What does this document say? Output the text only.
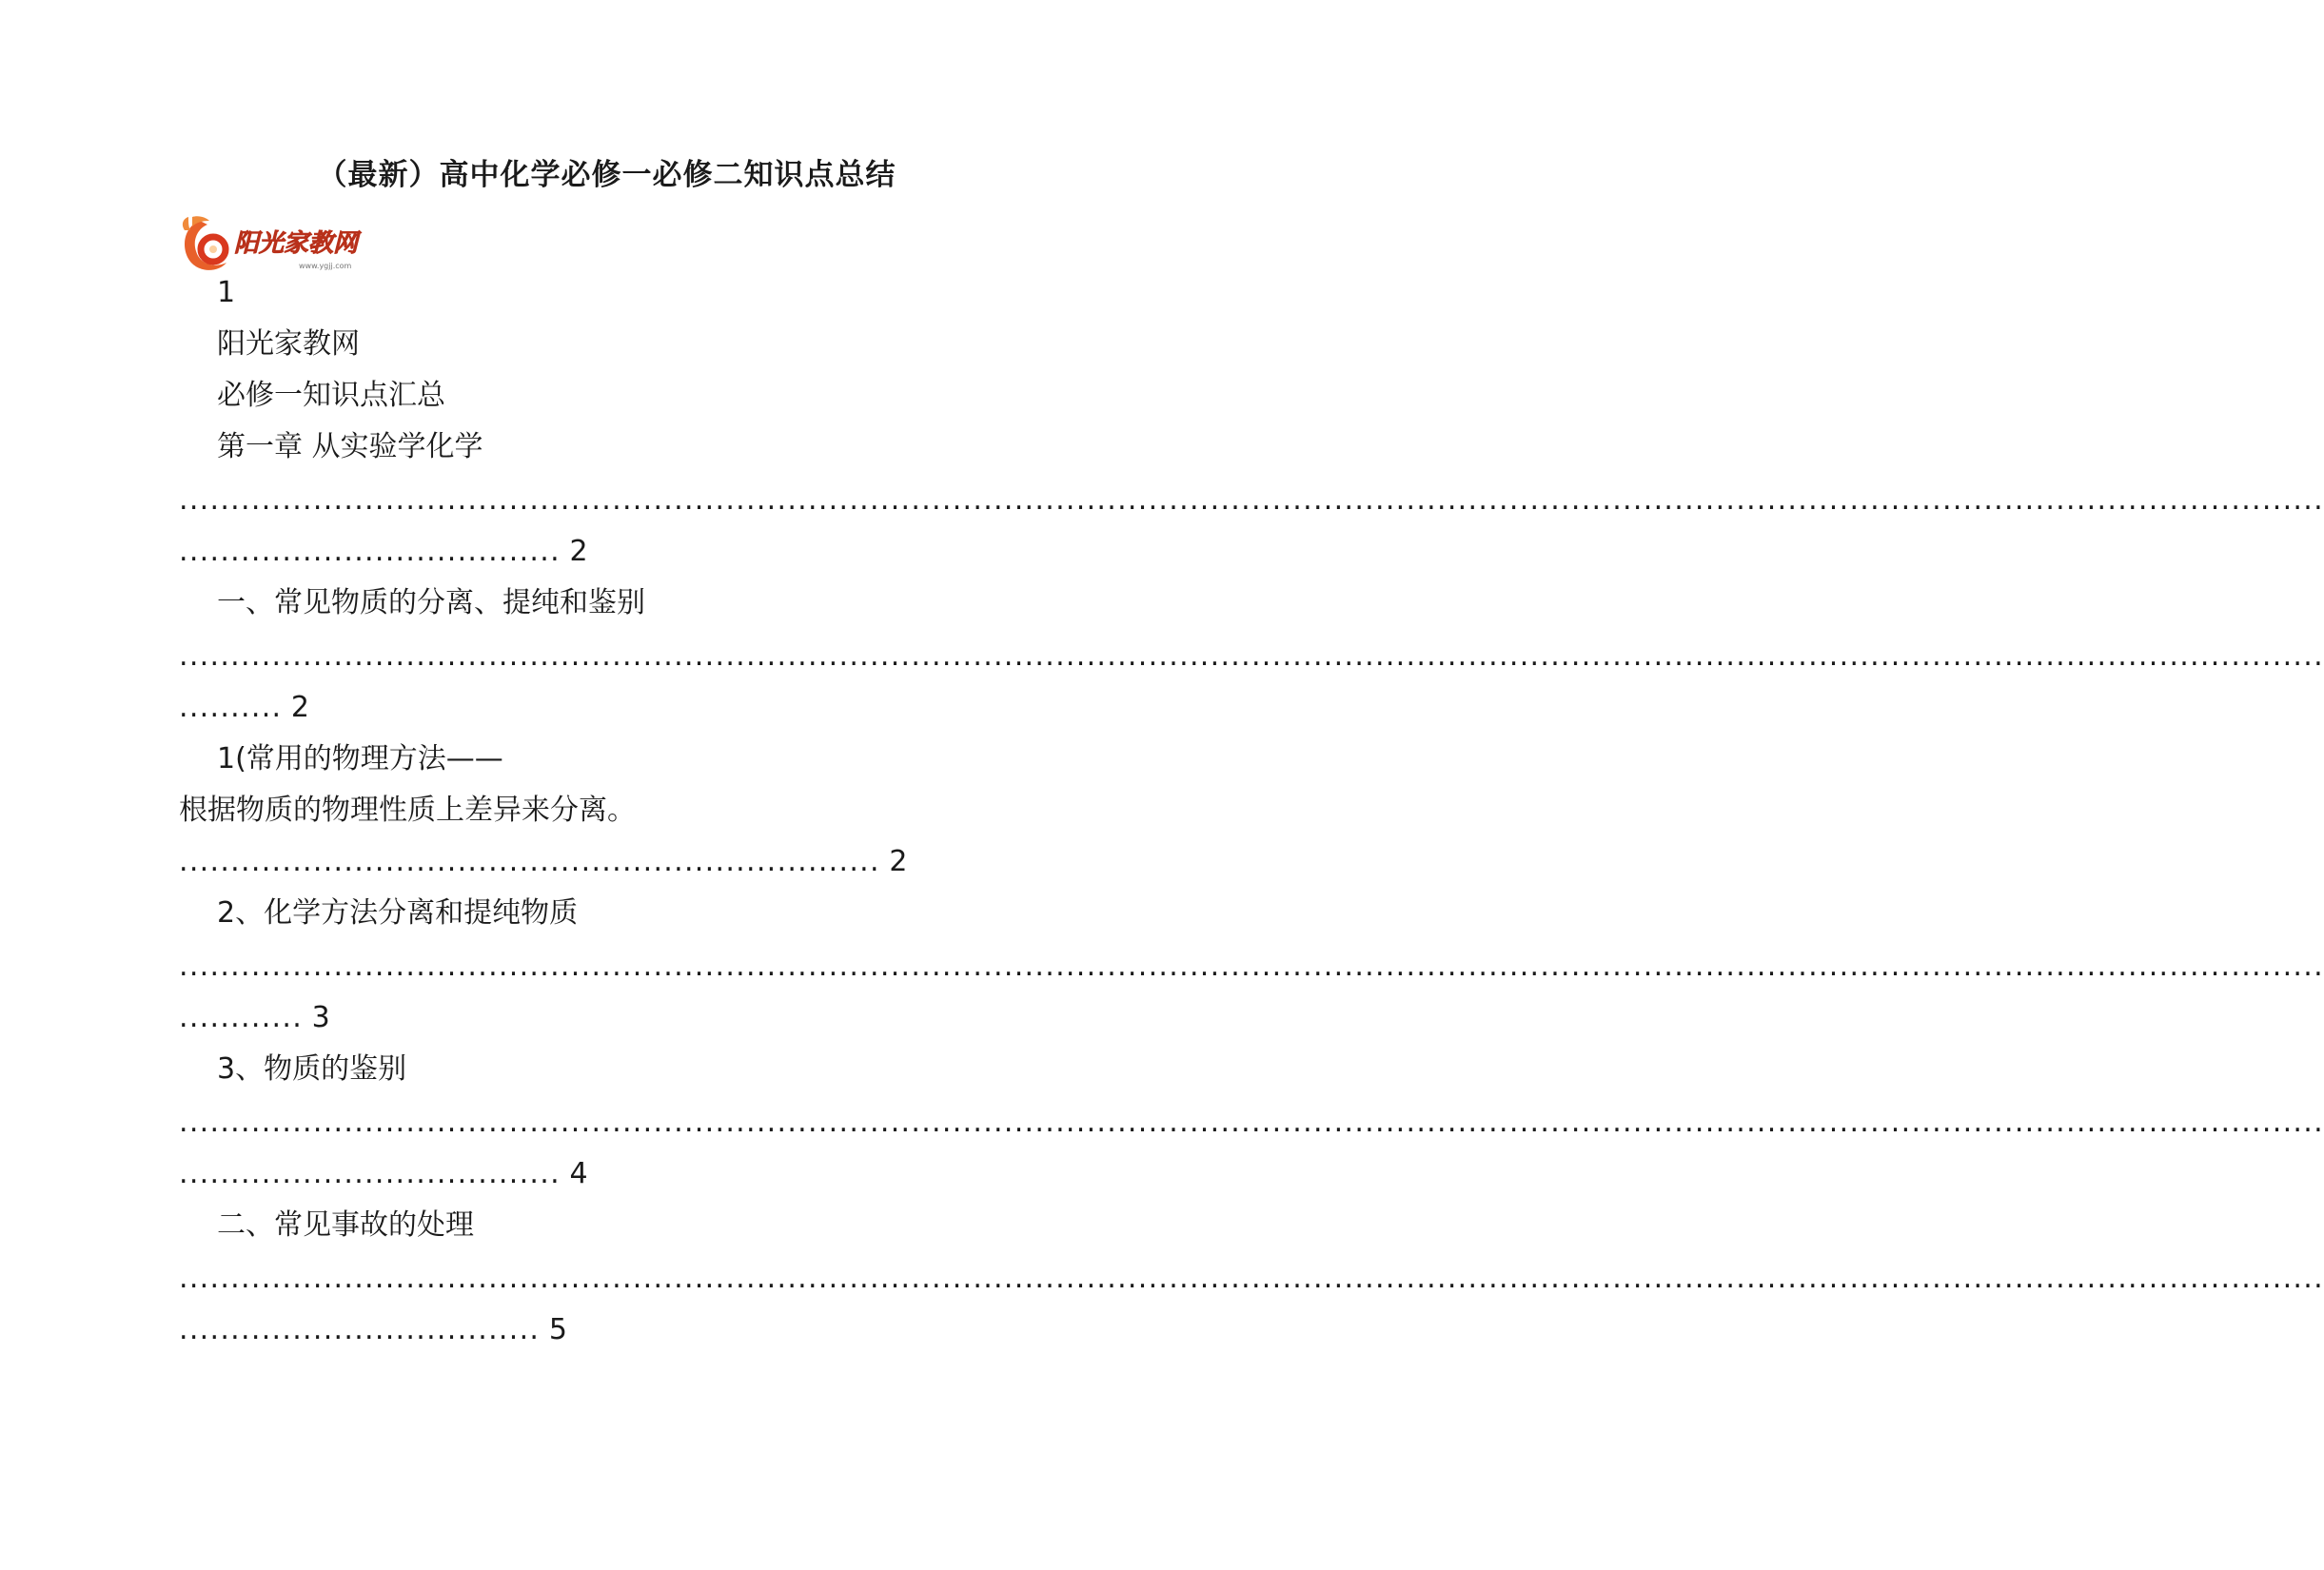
（最新）高中化学必修一必修二知识点总结
阳光家教网
www.ygjj.com
1
阳光家教网
必修一知识点汇总
第一章 从实验学化学
................................................................................................................................................................................................................
..................................... 2
一、常见物质的分离、提纯和鉴别
................................................................................................................................................................................................................
.......... 2
1(常用的物理方法——
根据物质的物理性质上差异来分离。
.................................................................... 2
2、化学方法分离和提纯物质
................................................................................................................................................................................................................
............ 3
3、物质的鉴别
................................................................................................................................................................................................................
..................................... 4
二、常见事故的处理
................................................................................................................................................................................................................
................................... 5
